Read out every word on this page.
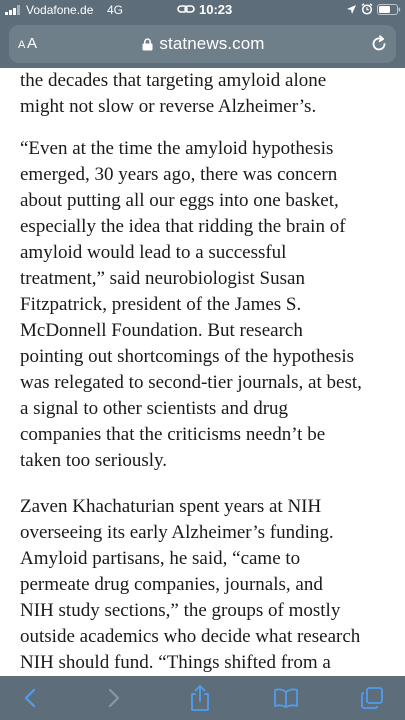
Vodafone.de 4G	10:23
statnews.com
A A

the decades that targeting amyloid alone
might not slow or reverse Alzheimer’s.

“Even at the time the amyloid hypothesis
emerged, 30 years ago, there was concern
about putting all our eggs into one basket,
especially the idea that ridding the brain of
amyloid would lead to a successful
treatment,” said neurobiologist Susan
Fitzpatrick, president of the James S.
McDonnell Foundation. But research
pointing out shortcomings of the hypothesis
was relegated to second-tier journals, at best,
a signal to other scientists and drug
companies that the criticisms needn’t be
taken too seriously.

Zaven Khachaturian spent years at NIH
overseeing its early Alzheimer’s funding.
Amyloid partisans, he said, “came to
permeate drug companies, journals, and
NIH study sections,” the groups of mostly
outside academics who decide what research
NIH should fund. “Things shifted from a
